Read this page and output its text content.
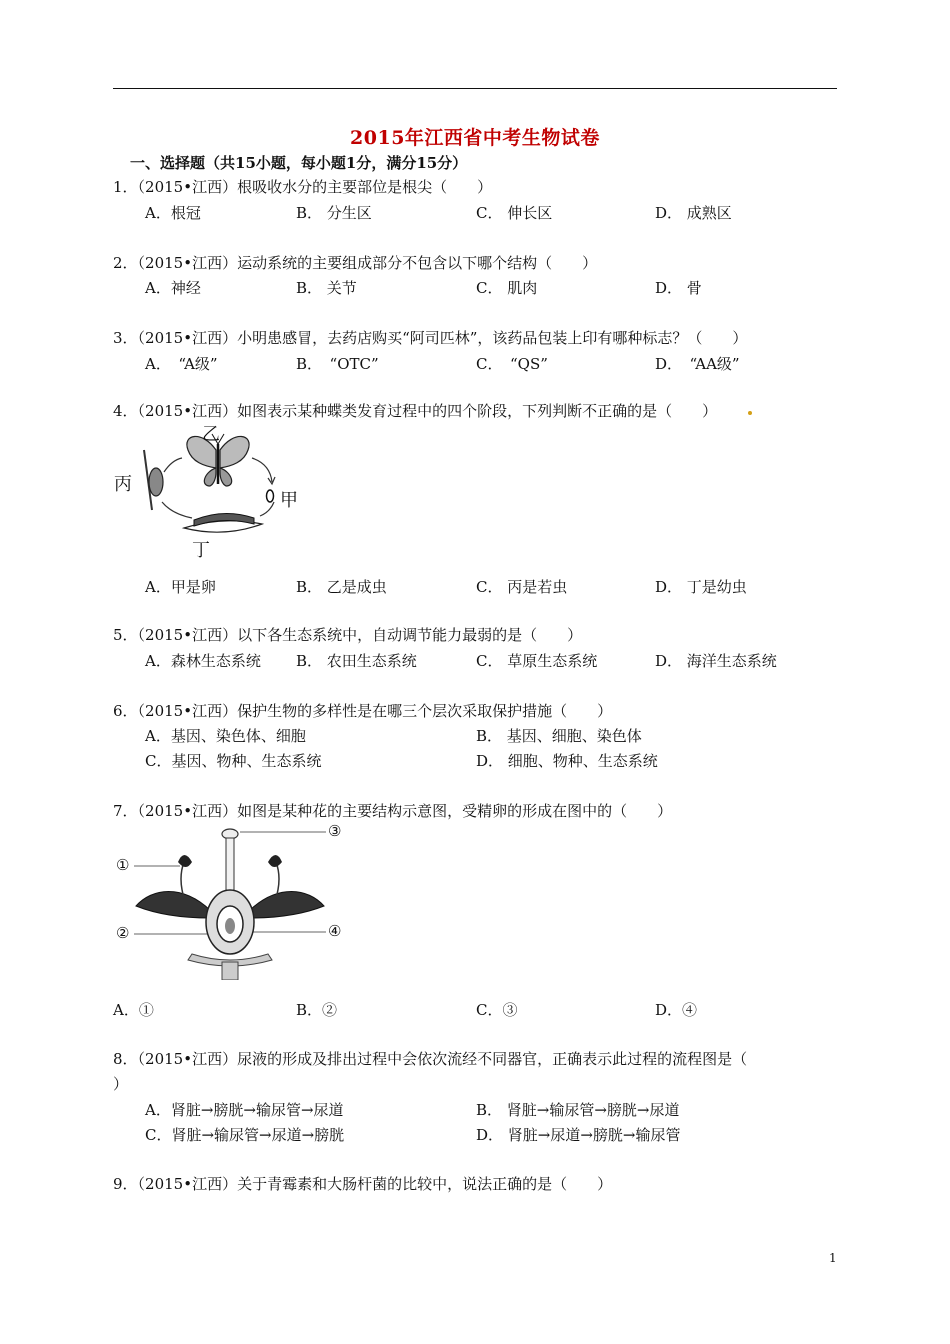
2015年江西省中考生物试卷
一、选择题（共15小题，每小题1分，满分15分）
1．（2015•江西）根吸收水分的主要部位是根尖（　　）
A．根冠	B． 分生区	C． 伸长区	D． 成熟区
2．（2015•江西）运动系统的主要组成部分不包含以下哪个结构（　　）
A．神经	B． 关节	C． 肌肉	D． 骨
3．（2015•江西）小明患感冒，去药店购买“阿司匹林”，该药品包装上印有哪种标志？（　　）
A．　“A级”	B．　“OTC”	C．　“QS”	D．　“AA级”
4．（2015•江西）如图表示某种蝶类发育过程中的四个阶段，下列判断不正确的是（　　）
乙
丙
甲
丁
A．甲是卵	B． 乙是成虫	C． 丙是若虫	D． 丁是幼虫
5．（2015•江西）以下各生态系统中，自动调节能力最弱的是（　　）
A．森林生态系统 B． 农田生态系统	C． 草原生态系统	D． 海洋生态系统
6．（2015•江西）保护生物的多样性是在哪三个层次采取保护措施（　　）
A．基因、染色体、细胞	B． 基因、细胞、染色体
C．基因、物种、生态系统	D． 细胞、物种、生态系统
7．（2015•江西）如图是某种花的主要结构示意图，受精卵的形成在图中的（　　）
①
②
③
④
A．①	B．②	C．③	D．④
8．（2015•江西）尿液的形成及排出过程中会依次流经不同器官，正确表示此过程的流程图是（
）
A．肾脏→膀胱→输尿管→尿道	B． 肾脏→输尿管→膀胱→尿道
C．肾脏→输尿管→尿道→膀胱	D． 肾脏→尿道→膀胱→输尿管
9．（2015•江西）关于青霉素和大肠杆菌的比较中，说法正确的是（　　）
1
